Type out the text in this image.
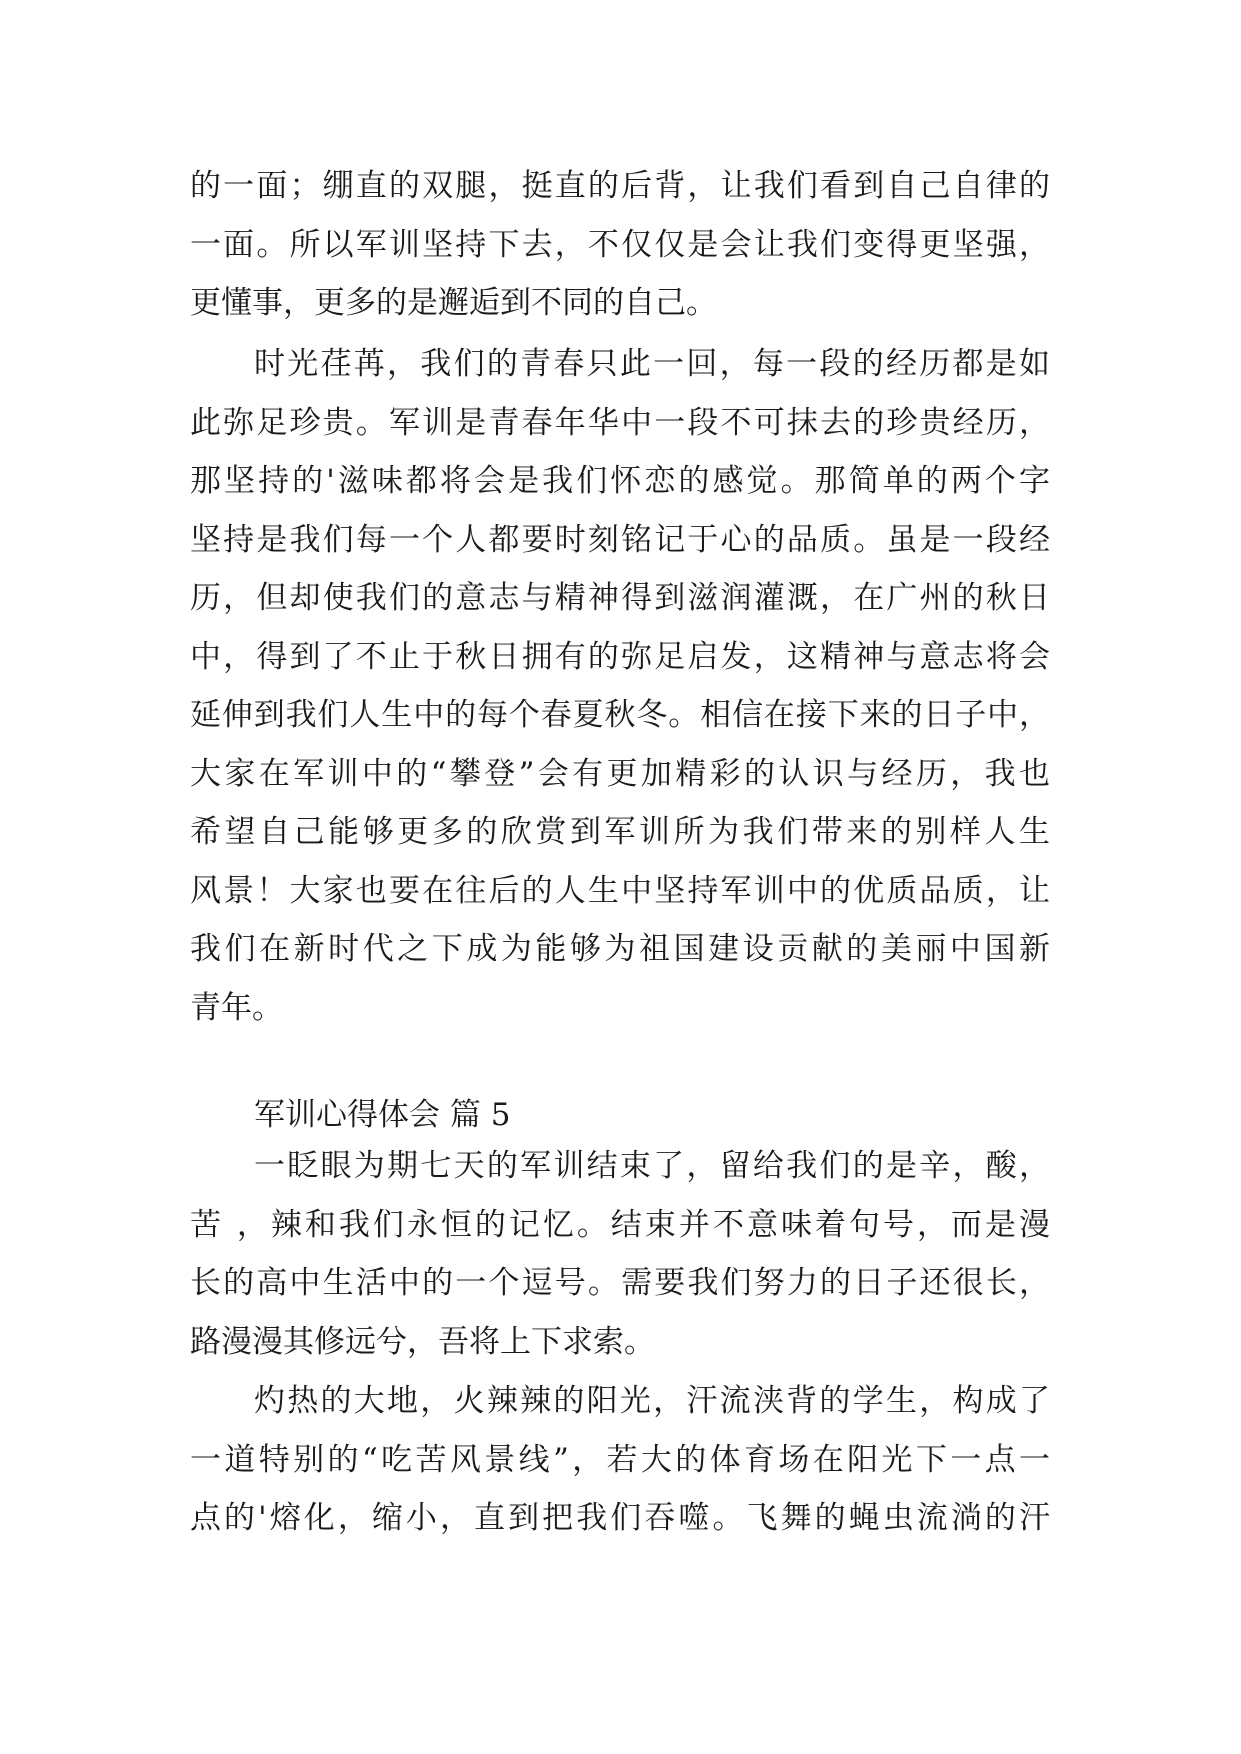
的一面；绷直的双腿，挺直的后背，让我们看到自己自律的
一面。所以军训坚持下去，不仅仅是会让我们变得更坚强，
更懂事，更多的是邂逅到不同的自己。
时光荏苒，我们的青春只此一回，每一段的经历都是如
此弥足珍贵。军训是青春年华中一段不可抹去的珍贵经历，
那坚持的'滋味都将会是我们怀恋的感觉。那简单的两个字
坚持是我们每一个人都要时刻铭记于心的品质。虽是一段经
历，但却使我们的意志与精神得到滋润灌溉，在广州的秋日
中，得到了不止于秋日拥有的弥足启发，这精神与意志将会
延伸到我们人生中的每个春夏秋冬。相信在接下来的日子中，
大家在军训中的“攀登”会有更加精彩的认识与经历，我也
希望自己能够更多的欣赏到军训所为我们带来的别样人生
风景！大家也要在往后的人生中坚持军训中的优质品质，让
我们在新时代之下成为能够为祖国建设贡献的美丽中国新
青年。
军训心得体会 篇 5
一眨眼为期七天的军训结束了，留给我们的是辛，酸，
苦 ，辣和我们永恒的记忆。结束并不意味着句号，而是漫
长的高中生活中的一个逗号。需要我们努力的日子还很长，
路漫漫其修远兮，吾将上下求索。
灼热的大地，火辣辣的阳光，汗流浃背的学生，构成了
一道特别的“吃苦风景线”，若大的体育场在阳光下一点一
点的'熔化，缩小，直到把我们吞噬。飞舞的蝇虫流淌的汗
